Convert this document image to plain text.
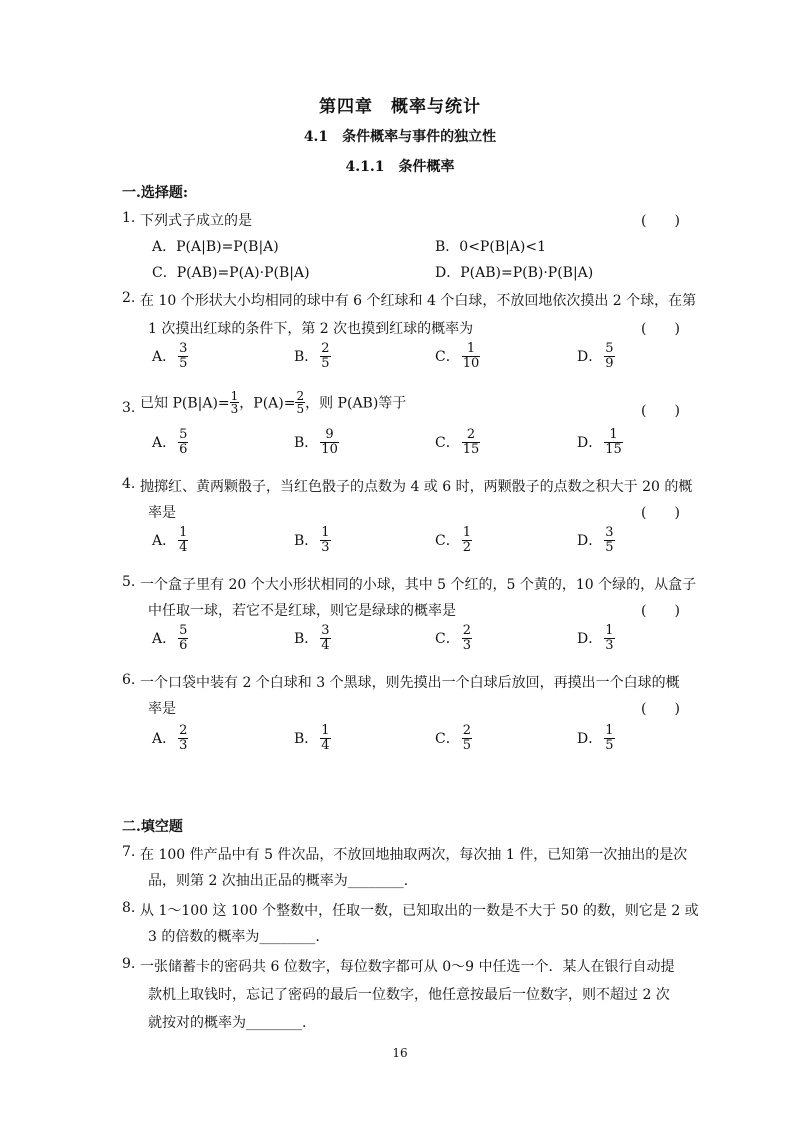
第四章　概率与统计
4.1　条件概率与事件的独立性
4.1.1　条件概率
一.选择题:
1. 下列式子成立的是	(　　)
A．P(A|B)=P(B|A)	B．0<P(B|A)<1
C．P(AB)=P(A)·P(B|A)	D．P(AB)=P(B)·P(B|A)
2. 在 10 个形状大小均相同的球中有 6 个红球和 4 个白球，不放回地依次摸出 2 个球，在第
1 次摸出红球的条件下，第 2 次也摸到红球的概率为	(　　)
A． $\frac{3}{5}$	B． $\frac{2}{5}$	C． $\frac{1}{10}$	D． $\frac{5}{9}$
3. 已知 $P(B|A)= \frac{1}{3}$ ，$P(A)= \frac{2}{5}$ ，则 P(AB)等于	(　　)
A． $\frac{5}{6}$	B． $\frac{9}{10}$	C． $\frac{2}{15}$	D． $\frac{1}{15}$
4. 抛掷红、黄两颗骰子，当红色骰子的点数为 4 或 6 时，两颗骰子的点数之积大于 20 的概
率是	(　　)
A． $\frac{1}{4}$	B． $\frac{1}{3}$	C． $\frac{1}{2}$	D． $\frac{3}{5}$
5. 一个盒子里有 20 个大小形状相同的小球，其中 5 个红的，5 个黄的，10 个绿的，从盒子
中任取一球，若它不是红球，则它是绿球的概率是	(　　)
A． $\frac{5}{6}$	B． $\frac{3}{4}$	C． $\frac{2}{3}$	D． $\frac{1}{3}$
6. 一个口袋中装有 2 个白球和 3 个黑球，则先摸出一个白球后放回，再摸出一个白球的概
率是	(　　)
A． $\frac{2}{3}$	B． $\frac{1}{4}$	C． $\frac{2}{5}$	D． $\frac{1}{5}$
二.填空题
7. 在 100 件产品中有 5 件次品，不放回地抽取两次，每次抽 1 件，已知第一次抽出的是次
品，则第 2 次抽出正品的概率为________.
8. 从 1～100 这 100 个整数中，任取一数，已知取出的一数是不大于 50 的数，则它是 2 或
3 的倍数的概率为________.
9. 一张储蓄卡的密码共 6 位数字，每位数字都可从 0～9 中任选一个．某人在银行自动提
款机上取钱时，忘记了密码的最后一位数字，他任意按最后一位数字，则不超过 2 次
就按对的概率为________.
16
